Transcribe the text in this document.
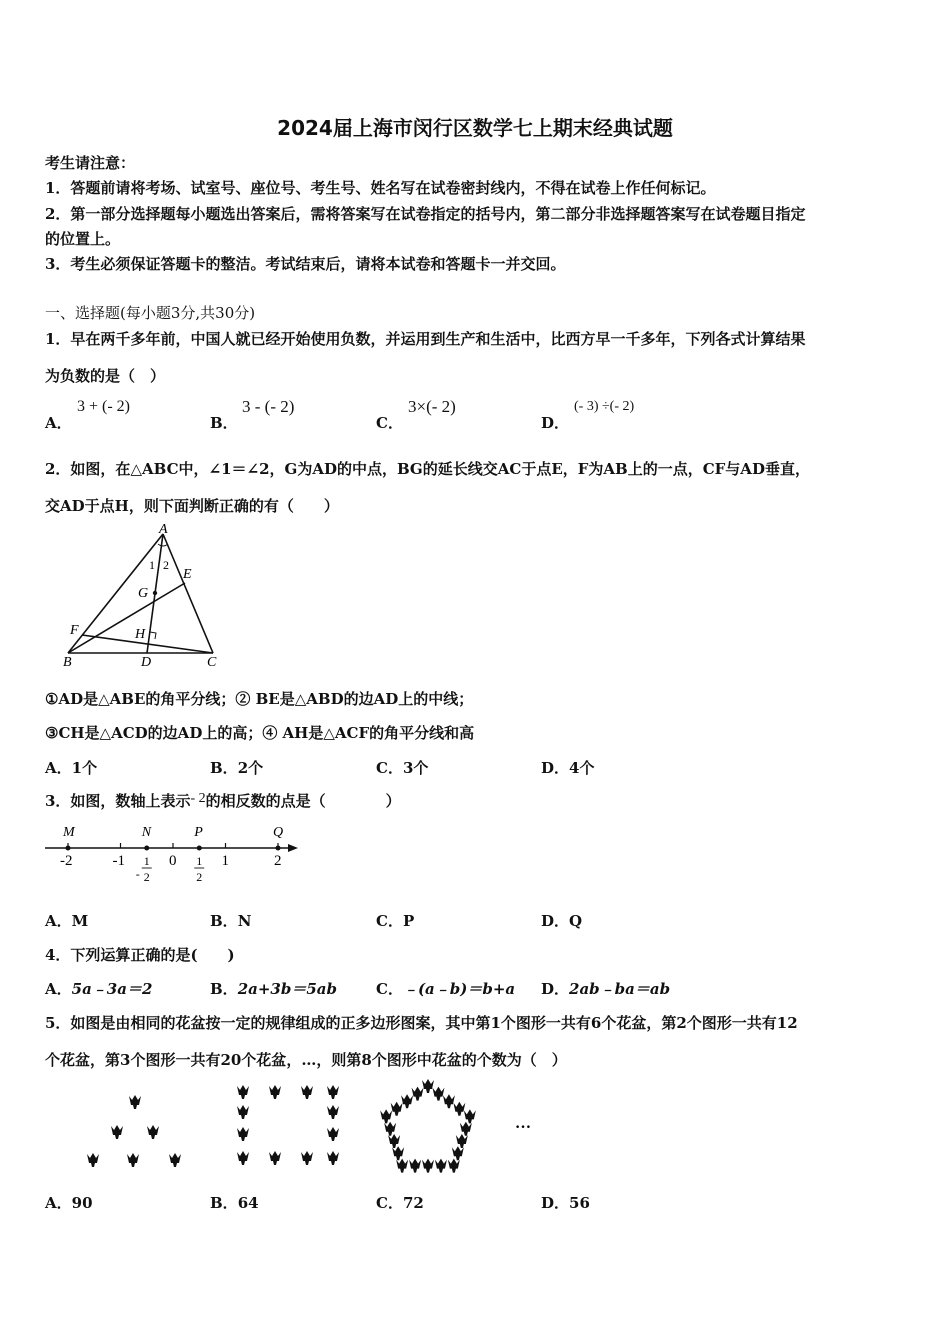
2024届上海市闵行区数学七上期末经典试题
考生请注意：
1．答题前请将考场、试室号、座位号、考生号、姓名写在试卷密封线内，不得在试卷上作任何标记。
2．第一部分选择题每小题选出答案后，需将答案写在试卷指定的括号内，第二部分非选择题答案写在试卷题目指定
的位置上。
3．考生必须保证答题卡的整洁。考试结束后，请将本试卷和答题卡一并交回。
一、选择题(每小题3分,共30分)
1．早在两千多年前，中国人就已经开始使用负数，并运用到生产和生活中，比西方早一千多年，下列各式计算结果
为负数的是（　）
A．
3 + (- 2)
B．
3 - (- 2)
C．
3×(- 2)
D．
(- 3) ÷(- 2)
2．如图，在△ABC中，∠1＝∠2，G为AD的中点，BG的延长线交AC于点E，F为AB上的一点，CF与AD垂直，
交AD于点H，则下面判断正确的有（　　）
A
B	C
D
E
F
G
H
1 2
①AD是△ABE的角平分线；② BE是△ABD的边AD上的中线；
③CH是△ACD的边AD上的高；④ AH是△ACF的角平分线和高
A．1个	B．2个	C．3个	D．4个
3．如图，数轴上表示- 2的相反数的点是（　　　　）
-2	-1	0	1	2
1
2
-
1
2
M	N	P	Q
A．M	B．N	C．P	D．Q
4．下列运算正确的是(　　)
A．5a﹣3a＝2	B．2a+3b＝5ab	C．﹣(a﹣b)＝b+a D．2ab﹣ba＝ab
5．如图是由相同的花盆按一定的规律组成的正多边形图案，其中第1个图形一共有6个花盆，第2个图形一共有12
个花盆，第3个图形一共有20个花盆，…，则第8个图形中花盆的个数为（　）
…
A．90	B．64	C．72	D．56
